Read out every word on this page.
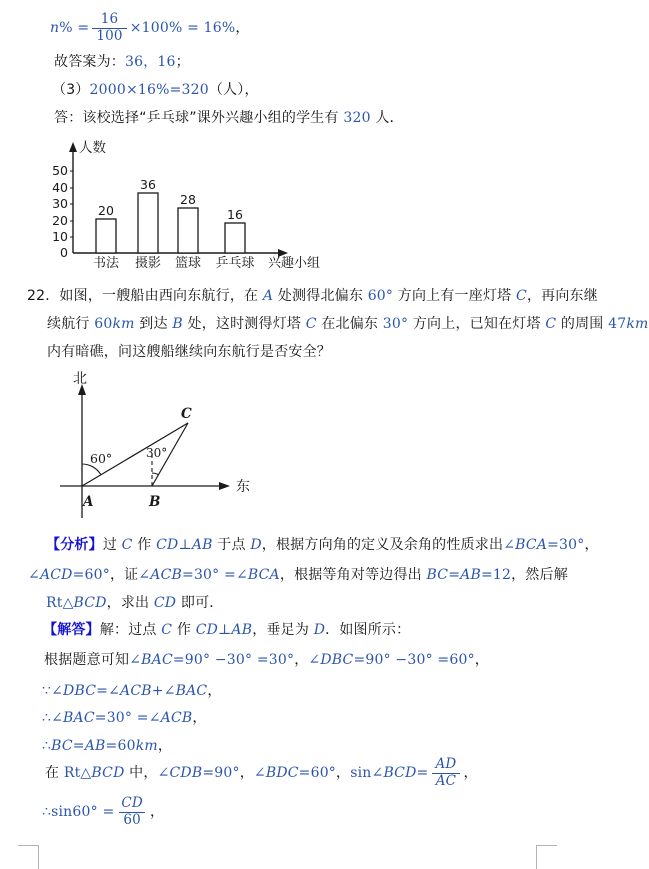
$n\% = \frac{16}{100} \times 100\% = 16\%$，
故答案为：36，16；
（3）2000×16%=320（人），
答：该校选择“乒乓球”课外兴趣小组的学生有 320 人．
人数
0
10
20
30
40
50
20
36
28
16
书法 摄影 篮球 乒乓球 兴趣小组
22．如图，一艘船由西向东航行，在 A 处测得北偏东 60° 方向上有一座灯塔 C，再向东继
续航行 60km 到达 B 处，这时测得灯塔 C 在北偏东 30° 方向上，已知在灯塔 C 的周围 47km
内有暗礁，问这艘船继续向东航行是否安全？
北
东
60°	30°
A	B
C
【分析】过 C 作 CD⊥AB 于点 D，根据方向角的定义及余角的性质求出∠BCA=30°，
∠ACD=60°，证∠ACB=30° =∠BCA，根据等角对等边得出 BC=AB=12，然后解
Rt△BCD，求出 CD 即可．
【解答】解：过点 C 作 CD⊥AB，垂足为 D．如图所示：
根据题意可知∠BAC=90° −30° =30°，∠DBC=90° −30° =60°，
∵∠DBC=∠ACB+∠BAC，
∴∠BAC=30° =∠ACB，
∴BC=AB=60km，
在 Rt△BCD 中，∠CDB=90°，∠BDC=60°，sin∠BCD= $\frac{AD}{AC}$ ，
∴sin60° = $\frac{CD}{60}$ ，
